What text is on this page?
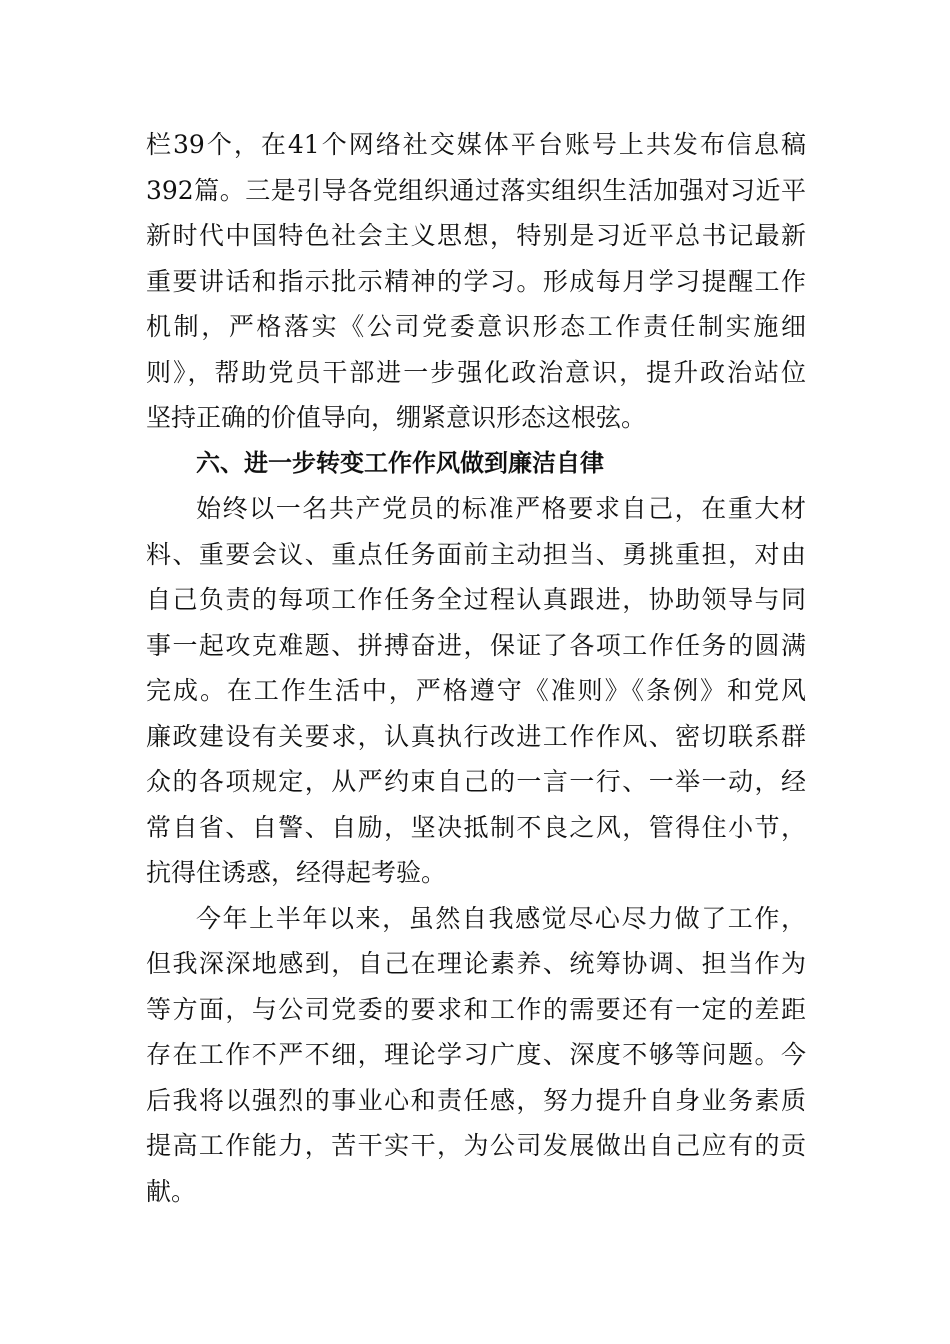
栏39个，在41个网络社交媒体平台账号上共发布信息稿
392篇。三是引导各党组织通过落实组织生活加强对习近平
新时代中国特色社会主义思想，特别是习近平总书记最新
重要讲话和指示批示精神的学习。形成每月学习提醒工作
机制，严格落实《公司党委意识形态工作责任制实施细
则》，帮助党员干部进一步强化政治意识，提升政治站位
坚持正确的价值导向，绷紧意识形态这根弦。
六、进一步转变工作作风做到廉洁自律
始终以一名共产党员的标准严格要求自己，在重大材
料、重要会议、重点任务面前主动担当、勇挑重担，对由
自己负责的每项工作任务全过程认真跟进，协助领导与同
事一起攻克难题、拼搏奋进，保证了各项工作任务的圆满
完成。在工作生活中，严格遵守《准则》《条例》和党风
廉政建设有关要求，认真执行改进工作作风、密切联系群
众的各项规定，从严约束自己的一言一行、一举一动，经
常自省、自警、自励，坚决抵制不良之风，管得住小节，
抗得住诱惑，经得起考验。
今年上半年以来，虽然自我感觉尽心尽力做了工作，
但我深深地感到，自己在理论素养、统筹协调、担当作为
等方面，与公司党委的要求和工作的需要还有一定的差距
存在工作不严不细，理论学习广度、深度不够等问题。今
后我将以强烈的事业心和责任感，努力提升自身业务素质
提高工作能力，苦干实干，为公司发展做出自己应有的贡
献。
